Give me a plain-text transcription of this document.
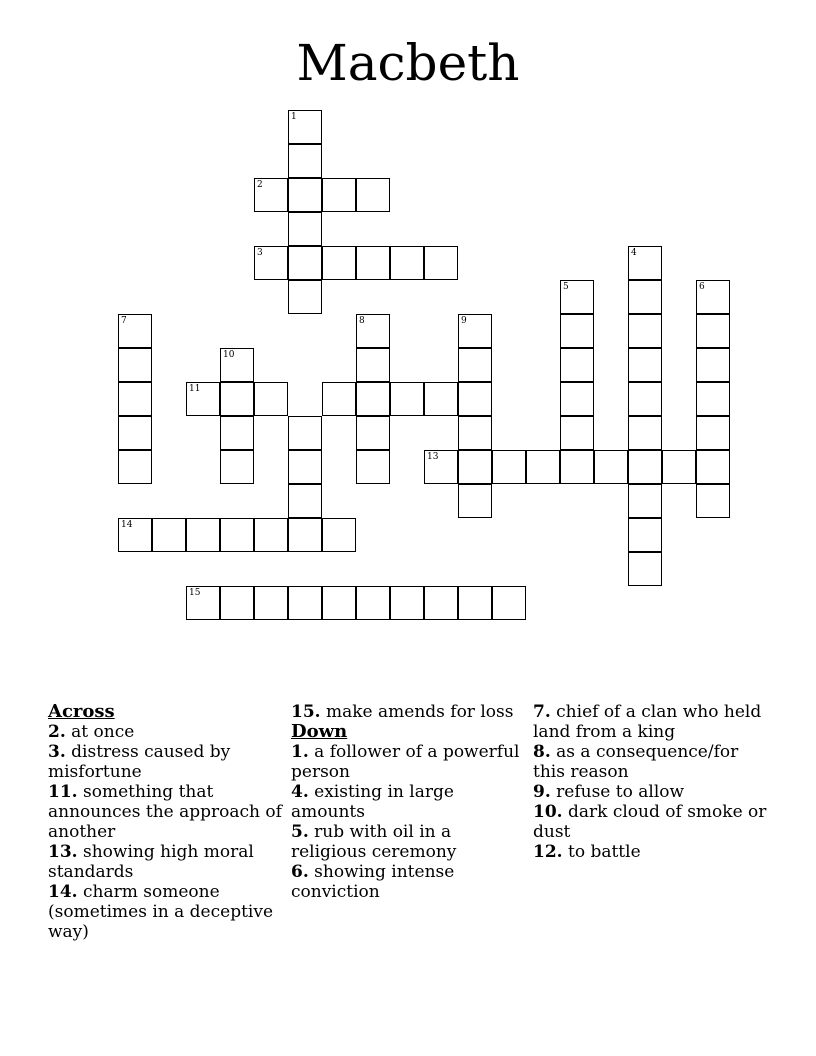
Macbeth
1
2
3	4
5	6
7	8	9
10
11
13
14
15
Across
2. at once
3. distress caused by misfortune
11. something that announces the approach of another
13. showing high moral standards
14. charm someone (sometimes in a deceptive way)
15. make amends for loss
Down
1. a follower of a powerful person
4. existing in large amounts
5. rub with oil in a religious ceremony
6. showing intense conviction
7. chief of a clan who held land from a king
8. as a consequence/for this reason
9. refuse to allow
10. dark cloud of smoke or dust
12. to battle
